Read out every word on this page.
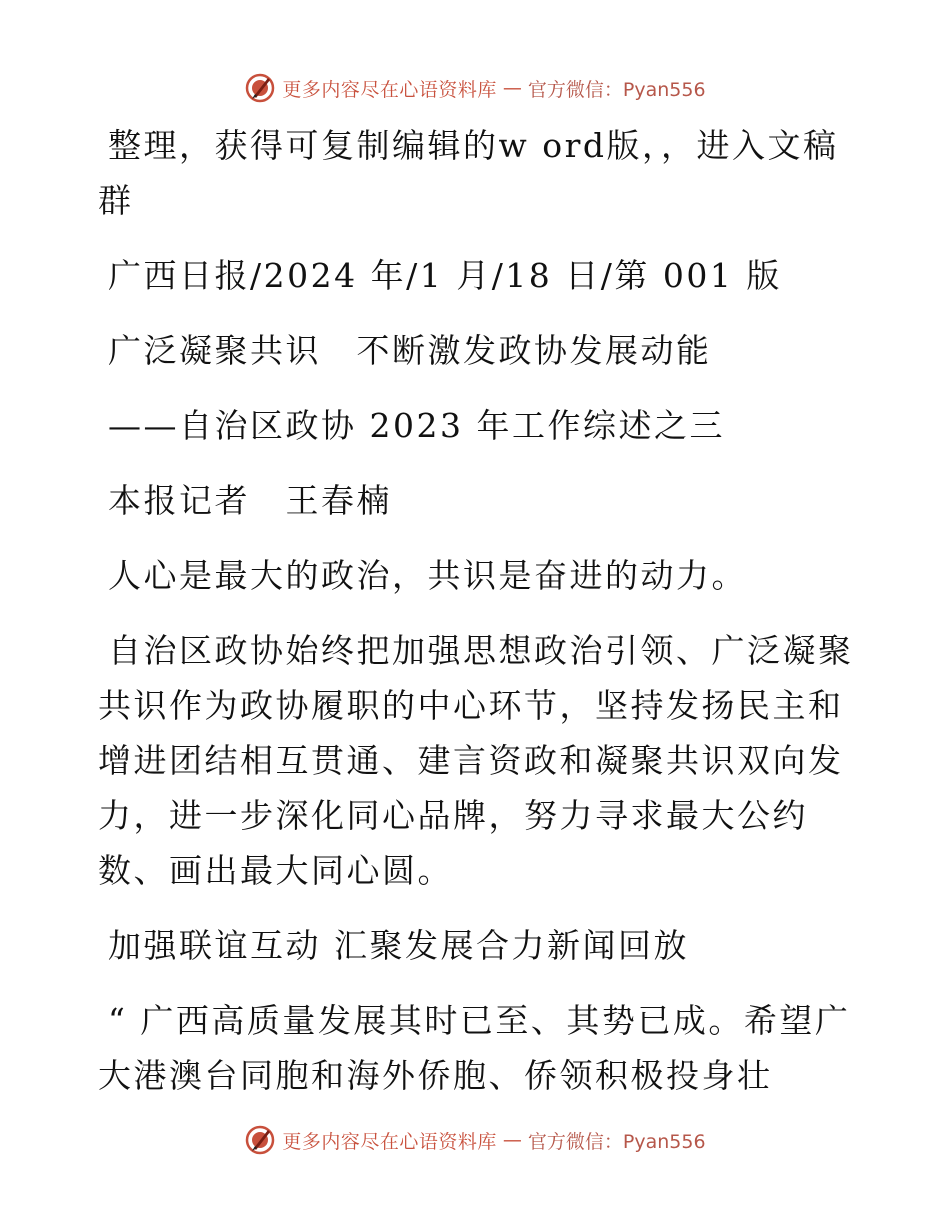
更多内容尽在心语资料库 — 官方微信：Pyan556

整理，获得可复制编辑的w ord版，，进入文稿群

广西日报/2024 年/1 月/18 日/第 001 版

广泛凝聚共识　不断激发政协发展动能

——自治区政协 2023 年工作综述之三

本报记者　王春楠

人心是最大的政治，共识是奋进的动力。

自治区政协始终把加强思想政治引领、广泛凝聚共识作为政协履职的中心环节，坚持发扬民主和增进团结相互贯通、建言资政和凝聚共识双向发力，进一步深化同心品牌，努力寻求最大公约数、画出最大同心圆。

加强联谊互动 汇聚发展合力新闻回放

“ 广西高质量发展其时已至、其势已成。希望广大港澳台同胞和海外侨胞、侨领积极投身壮

更多内容尽在心语资料库 — 官方微信：Pyan556
